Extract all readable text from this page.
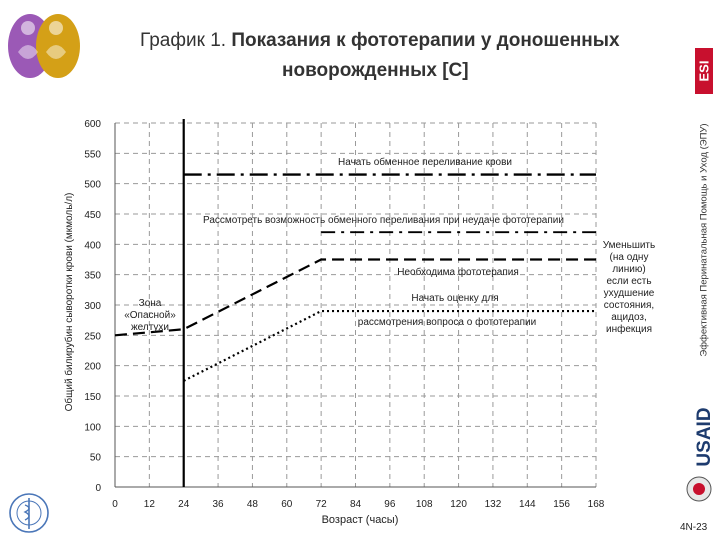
График 1. Показания к фототерапии у доношенных
новорожденных [C]	ESI
Эффективная Перинатальная Помощь и Уход (ЭПУ)
USAID
4N-23
0
50
100
150
200
250
300
350
400
450
500
550
600
0	12 24 36 48 60 72 84 96 108 120 132 144 156 168
Возраст (часы)
Общий билирубин сыворотки крови (мкмоль/л)
Начать обменное переливание крови
Рассмотреть возможность обменного переливания при неудаче фототерапии
Необходима фототерапия
Начать оценку для
рассмотрения вопроса о фототерапии
Зона
«Опасной»
желтухи
Уменьшить
(на одну
линию)
если есть
ухудшение
состояния,
ацидоз,
инфекция
